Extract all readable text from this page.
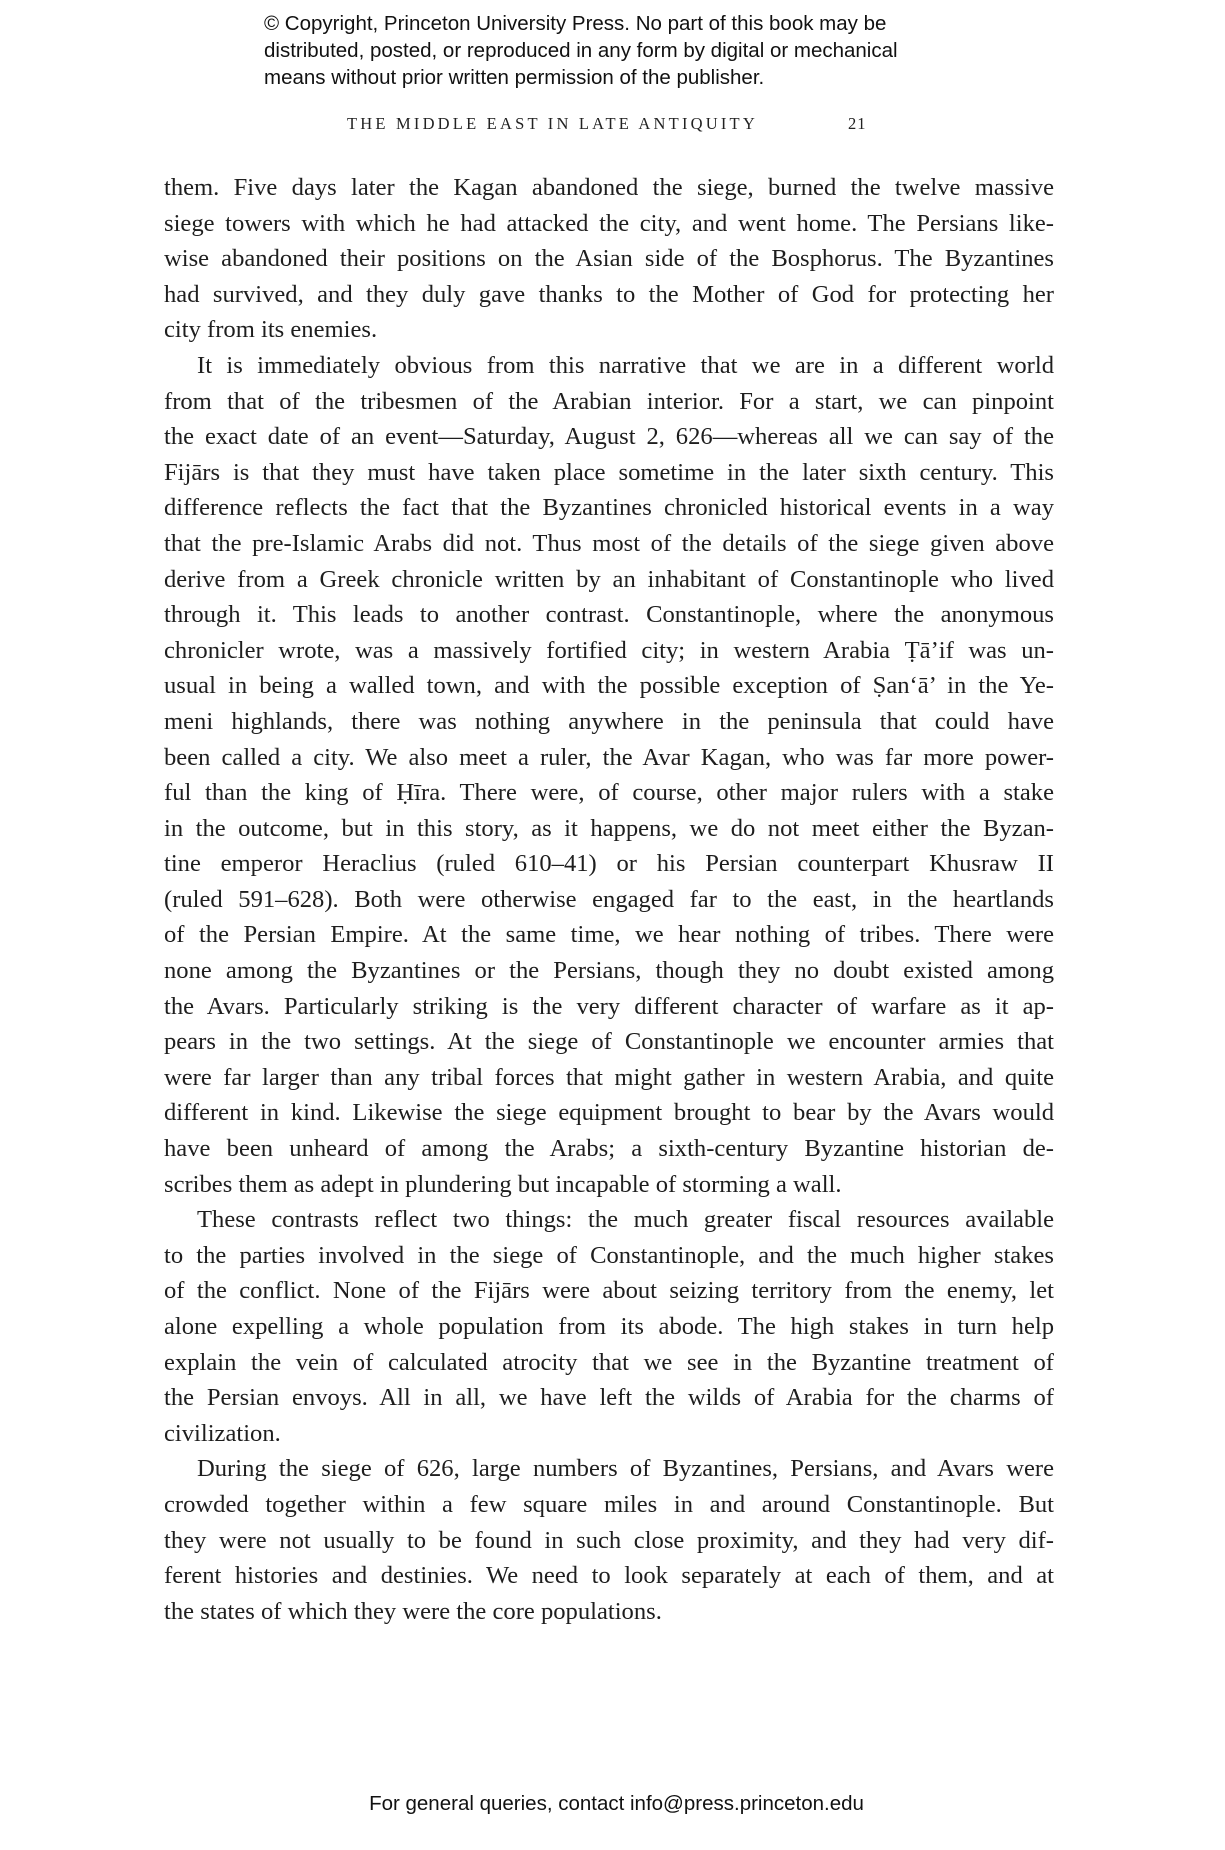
© Copyright, Princeton University Press. No part of this book may be
distributed, posted, or reproduced in any form by digital or mechanical
means without prior written permission of the publisher.
THE MIDDLE EAST IN LATE ANTIQUITY	21
them. Five days later the Kagan abandoned the siege, burned the twelve massive
siege towers with which he had attacked the city, and went home. The Persians like-
wise abandoned their positions on the Asian side of the Bosphorus. The Byzantines
had survived, and they duly gave thanks to the Mother of God for protecting her
city from its enemies.
It is immediately obvious from this narrative that we are in a different world
from that of the tribesmen of the Arabian interior. For a start, we can pinpoint
the exact date of an event—Saturday, August 2, 626—whereas all we can say of the
Fijārs is that they must have taken place sometime in the later sixth century. This
difference reflects the fact that the Byzantines chronicled historical events in a way
that the pre-Islamic Arabs did not. Thus most of the details of the siege given above
derive from a Greek chronicle written by an inhabitant of Constantinople who lived
through it. This leads to another contrast. Constantinople, where the anonymous
chronicler wrote, was a massively fortified city; in western Arabia Ṭā’if was un-
usual in being a walled town, and with the possible exception of Ṣan‘ā’ in the Ye-
meni highlands, there was nothing anywhere in the peninsula that could have
been called a city. We also meet a ruler, the Avar Kagan, who was far more power-
ful than the king of Ḥīra. There were, of course, other major rulers with a stake
in the outcome, but in this story, as it happens, we do not meet either the Byzan-
tine emperor Heraclius (ruled 610–41) or his Persian counterpart Khusraw II
(ruled 591–628). Both were otherwise engaged far to the east, in the heartlands
of the Persian Empire. At the same time, we hear nothing of tribes. There were
none among the Byzantines or the Persians, though they no doubt existed among
the Avars. Particularly striking is the very different character of warfare as it ap-
pears in the two settings. At the siege of Constantinople we encounter armies that
were far larger than any tribal forces that might gather in western Arabia, and quite
different in kind. Likewise the siege equipment brought to bear by the Avars would
have been unheard of among the Arabs; a sixth-century Byzantine historian de-
scribes them as adept in plundering but incapable of storming a wall.
These contrasts reflect two things: the much greater fiscal resources available
to the parties involved in the siege of Constantinople, and the much higher stakes
of the conflict. None of the Fijārs were about seizing territory from the enemy, let
alone expelling a whole population from its abode. The high stakes in turn help
explain the vein of calculated atrocity that we see in the Byzantine treatment of
the Persian envoys. All in all, we have left the wilds of Arabia for the charms of
civilization.
During the siege of 626, large numbers of Byzantines, Persians, and Avars were
crowded together within a few square miles in and around Constantinople. But
they were not usually to be found in such close proximity, and they had very dif-
ferent histories and destinies. We need to look separately at each of them, and at
the states of which they were the core populations.
For general queries, contact info@press.princeton.edu
